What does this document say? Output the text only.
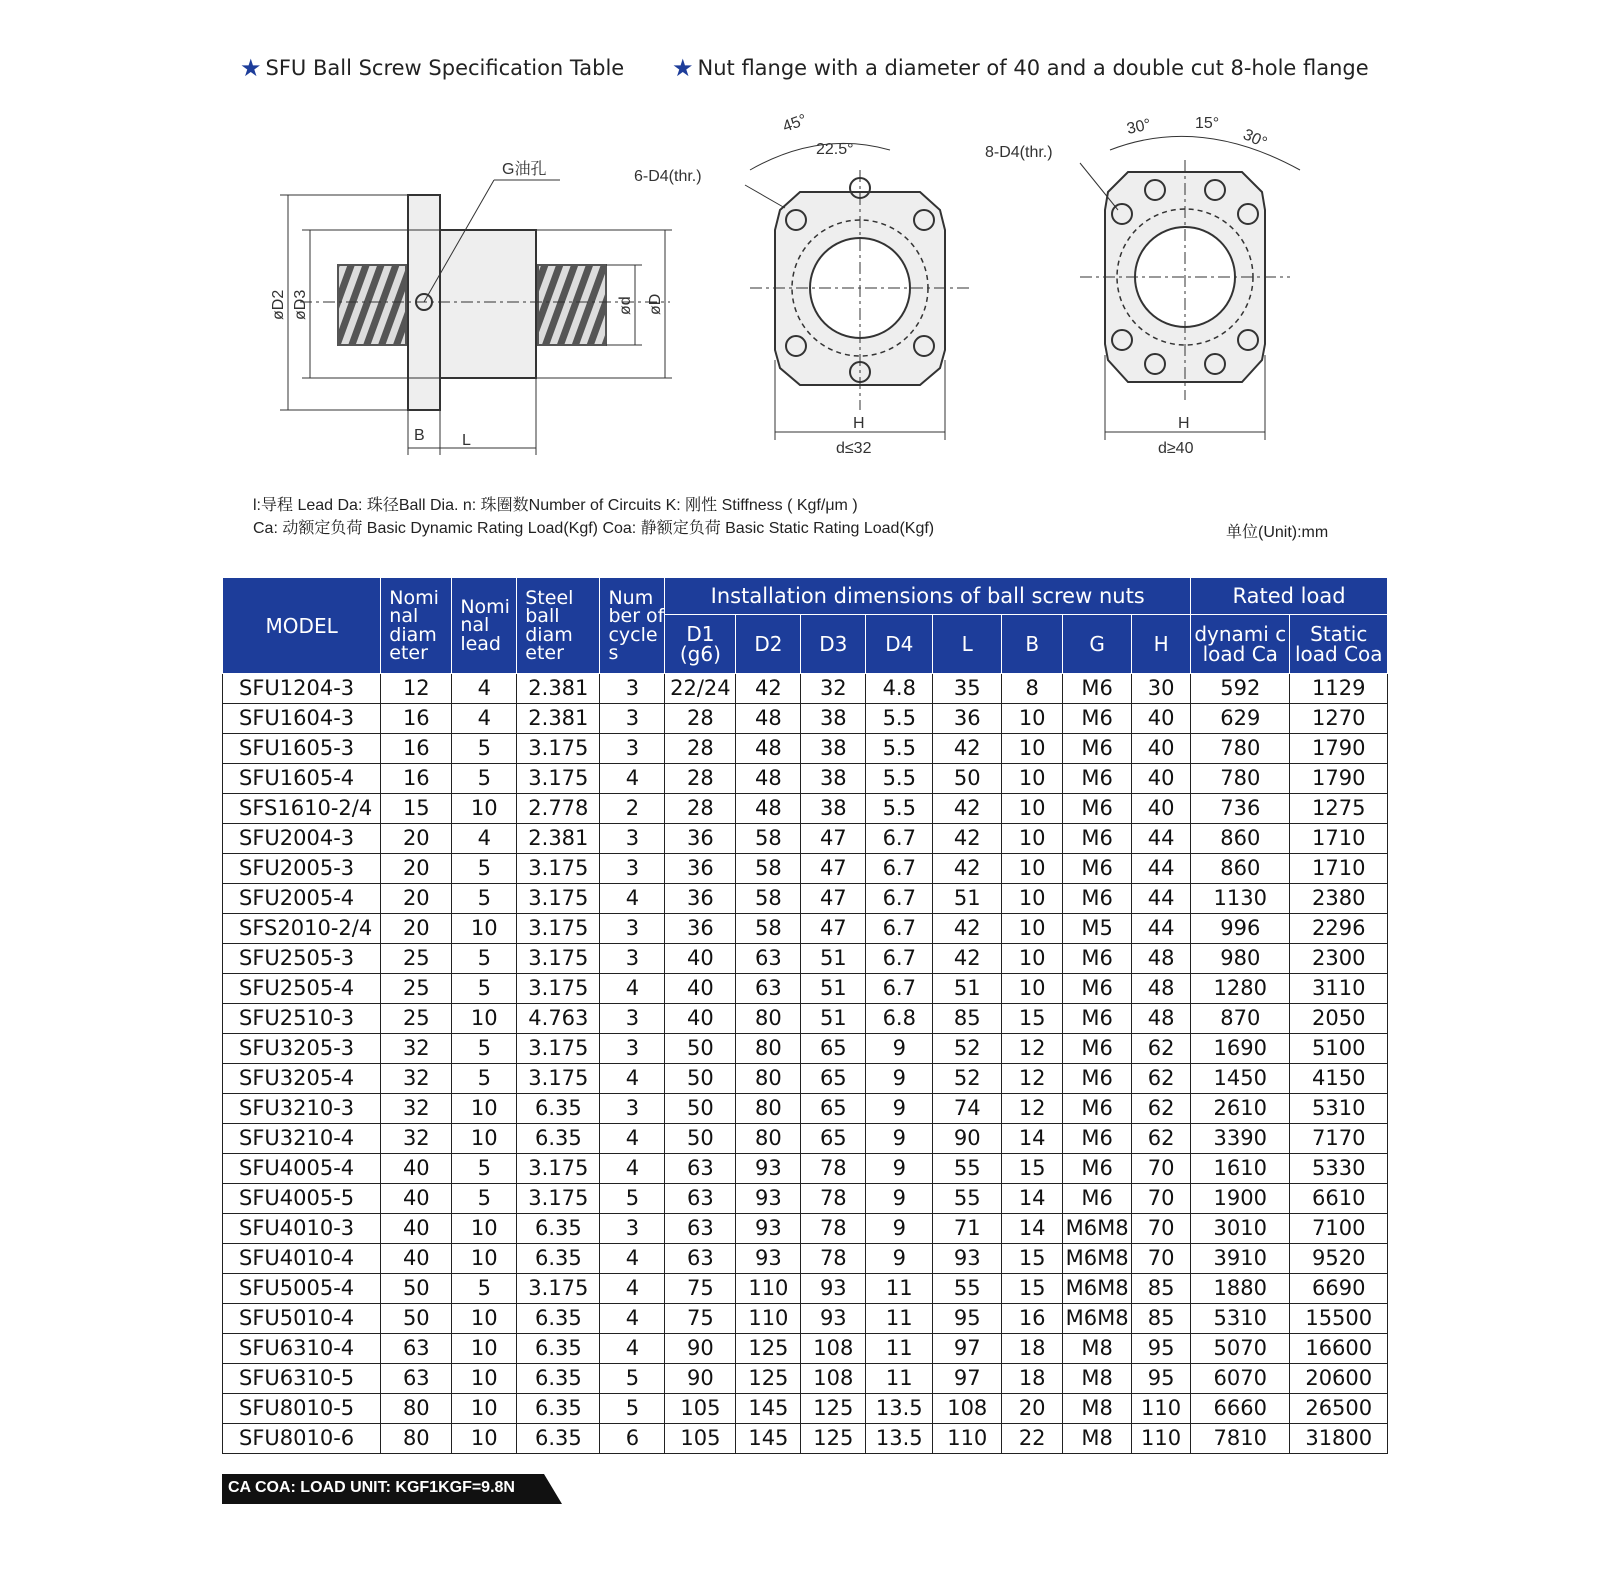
★ SFU Ball Screw Specification Table ★ Nut flange with a diameter of 40 and a double cut 8-hole flange
G油孔
øD2 øD3	ød øD
B L
45°
22.5°
6-D4(thr.)
H
d≤32
30°	15°
30°
8-D4(thr.)
H
d≥40
l:导程 Lead Da: 珠径Ball Dia. n: 珠圈数Number of Circuits K: 刚性 Stiffness ( Kgf/μm )
Ca: 动额定负荷 Basic Dynamic Rating Load(Kgf) Coa: 静额定负荷 Basic Static Rating Load(Kgf)	单位(Unit):mm
MODEL	Nomi nal diam eter	Nomi nal lead	Steel ball diam eter	Num ber of cycle s	Installation dimensions of ball screw nuts								Rated load	
					D1 (g6)	D2	D3	D4	L	B	G	H	dynami c load Ca	Static load Coa
SFU1204-3	12	4	2.381	3	22/24	42	32	4.8	35	8	M6	30	592	1129
SFU1604-3	16	4	2.381	3	28	48	38	5.5	36	10	M6	40	629	1270
SFU1605-3	16	5	3.175	3	28	48	38	5.5	42	10	M6	40	780	1790
SFU1605-4	16	5	3.175	4	28	48	38	5.5	50	10	M6	40	780	1790
SFS1610-2/4	15	10	2.778	2	28	48	38	5.5	42	10	M6	40	736	1275
SFU2004-3	20	4	2.381	3	36	58	47	6.7	42	10	M6	44	860	1710
SFU2005-3	20	5	3.175	3	36	58	47	6.7	42	10	M6	44	860	1710
SFU2005-4	20	5	3.175	4	36	58	47	6.7	51	10	M6	44	1130	2380
SFS2010-2/4	20	10	3.175	3	36	58	47	6.7	42	10	M5	44	996	2296
SFU2505-3	25	5	3.175	3	40	63	51	6.7	42	10	M6	48	980	2300
SFU2505-4	25	5	3.175	4	40	63	51	6.7	51	10	M6	48	1280	3110
SFU2510-3	25	10	4.763	3	40	80	51	6.8	85	15	M6	48	870	2050
SFU3205-3	32	5	3.175	3	50	80	65	9	52	12	M6	62	1690	5100
SFU3205-4	32	5	3.175	4	50	80	65	9	52	12	M6	62	1450	4150
SFU3210-3	32	10	6.35	3	50	80	65	9	74	12	M6	62	2610	5310
SFU3210-4	32	10	6.35	4	50	80	65	9	90	14	M6	62	3390	7170
SFU4005-4	40	5	3.175	4	63	93	78	9	55	15	M6	70	1610	5330
SFU4005-5	40	5	3.175	5	63	93	78	9	55	14	M6	70	1900	6610
SFU4010-3	40	10	6.35	3	63	93	78	9	71	14	M6M8	70	3010	7100
SFU4010-4	40	10	6.35	4	63	93	78	9	93	15	M6M8	70	3910	9520
SFU5005-4	50	5	3.175	4	75	110	93	11	55	15	M6M8	85	1880	6690
SFU5010-4	50	10	6.35	4	75	110	93	11	95	16	M6M8	85	5310	15500
SFU6310-4	63	10	6.35	4	90	125	108	11	97	18	M8	95	5070	16600
SFU6310-5	63	10	6.35	5	90	125	108	11	97	18	M8	95	6070	20600
SFU8010-5	80	10	6.35	5	105	145	125	13.5	108	20	M8	110	6660	26500
SFU8010-6	80	10	6.35	6	105	145	125	13.5	110	22	M8	110	7810	31800
CA COA: LOAD UNIT: KGF1KGF=9.8N
